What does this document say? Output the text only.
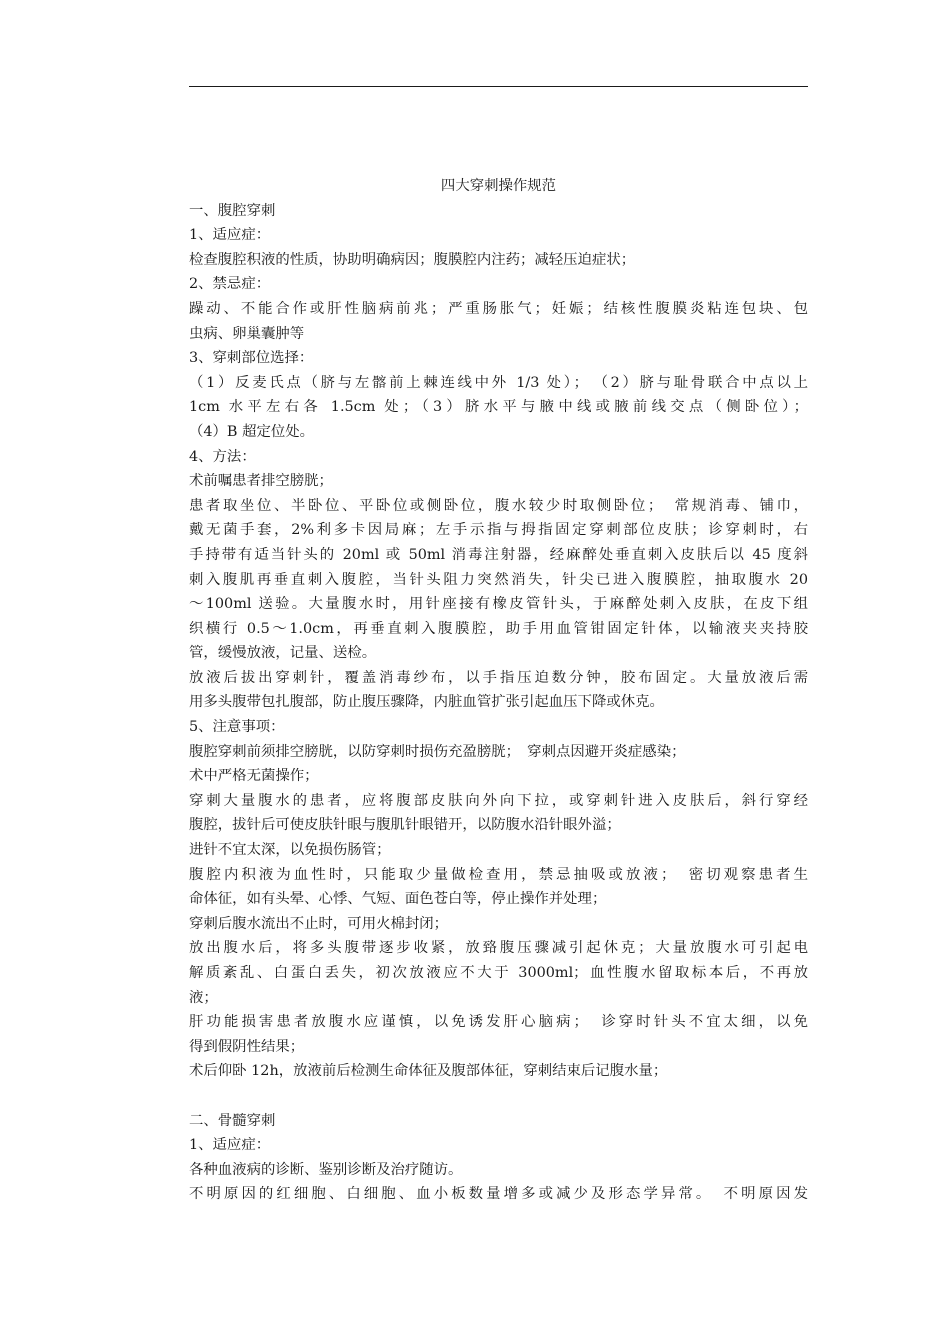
四大穿刺操作规范
一、腹腔穿刺
1、适应症：
检查腹腔积液的性质，协助明确病因；腹膜腔内注药；减轻压迫症状；
2、禁忌症：
躁动、不能合作或肝性脑病前兆；严重肠胀气；妊娠；结核性腹膜炎粘连包块、包
虫病、卵巢囊肿等
3、穿刺部位选择：
（1）反麦氏点（脐与左髂前上棘连线中外 1/3 处）；　（2）脐与耻骨联合中点以上
1cm 水平左右各 1.5cm 处；（3）脐水平与腋中线或腋前线交点（侧卧位）；
（4）B 超定位处。
4、方法：
术前嘱患者排空膀胱；
患者取坐位、半卧位、平卧位或侧卧位，腹水较少时取侧卧位；　常规消毒、铺巾，
戴无菌手套，2%利多卡因局麻；左手示指与拇指固定穿刺部位皮肤；诊穿刺时，右
手持带有适当针头的 20ml 或 50ml 消毒注射器，经麻醉处垂直刺入皮肤后以 45 度斜
刺入腹肌再垂直刺入腹腔，当针头阻力突然消失，针尖已进入腹膜腔，抽取腹水 20
～100ml 送验。大量腹水时，用针座接有橡皮管针头，于麻醉处刺入皮肤，在皮下组
织横行 0.5～1.0cm，再垂直刺入腹膜腔，助手用血管钳固定针体，以输液夹夹持胶
管，缓慢放液，记量、送检。
放液后拔出穿刺针，覆盖消毒纱布，以手指压迫数分钟，胶布固定。大量放液后需
用多头腹带包扎腹部，防止腹压骤降，内脏血管扩张引起血压下降或休克。
5、注意事项：
腹腔穿刺前须排空膀胱，以防穿刺时损伤充盈膀胱；　穿刺点因避开炎症感染；
术中严格无菌操作；
穿刺大量腹水的患者，应将腹部皮肤向外向下拉，或穿刺针进入皮肤后，斜行穿经
腹腔，拔针后可使皮肤针眼与腹肌针眼错开，以防腹水沿针眼外溢；
进针不宜太深，以免损伤肠管；
腹腔内积液为血性时，只能取少量做检查用，禁忌抽吸或放液；　密切观察患者生
命体征，如有头晕、心悸、气短、面色苍白等，停止操作并处理；
穿刺后腹水流出不止时，可用火棉封闭；
放出腹水后，将多头腹带逐步收紧，放臵腹压骤减引起休克；大量放腹水可引起电
解质紊乱、白蛋白丢失，初次放液应不大于 3000ml；血性腹水留取标本后，不再放
液；
肝功能损害患者放腹水应谨慎，以免诱发肝心脑病；　诊穿时针头不宜太细，以免
得到假阴性结果；
术后仰卧 12h，放液前后检测生命体征及腹部体征，穿刺结束后记腹水量；
二、骨髓穿刺
1、适应症：
各种血液病的诊断、鉴别诊断及治疗随访。
不明原因的红细胞、白细胞、血小板数量增多或减少及形态学异常。　不明原因发
